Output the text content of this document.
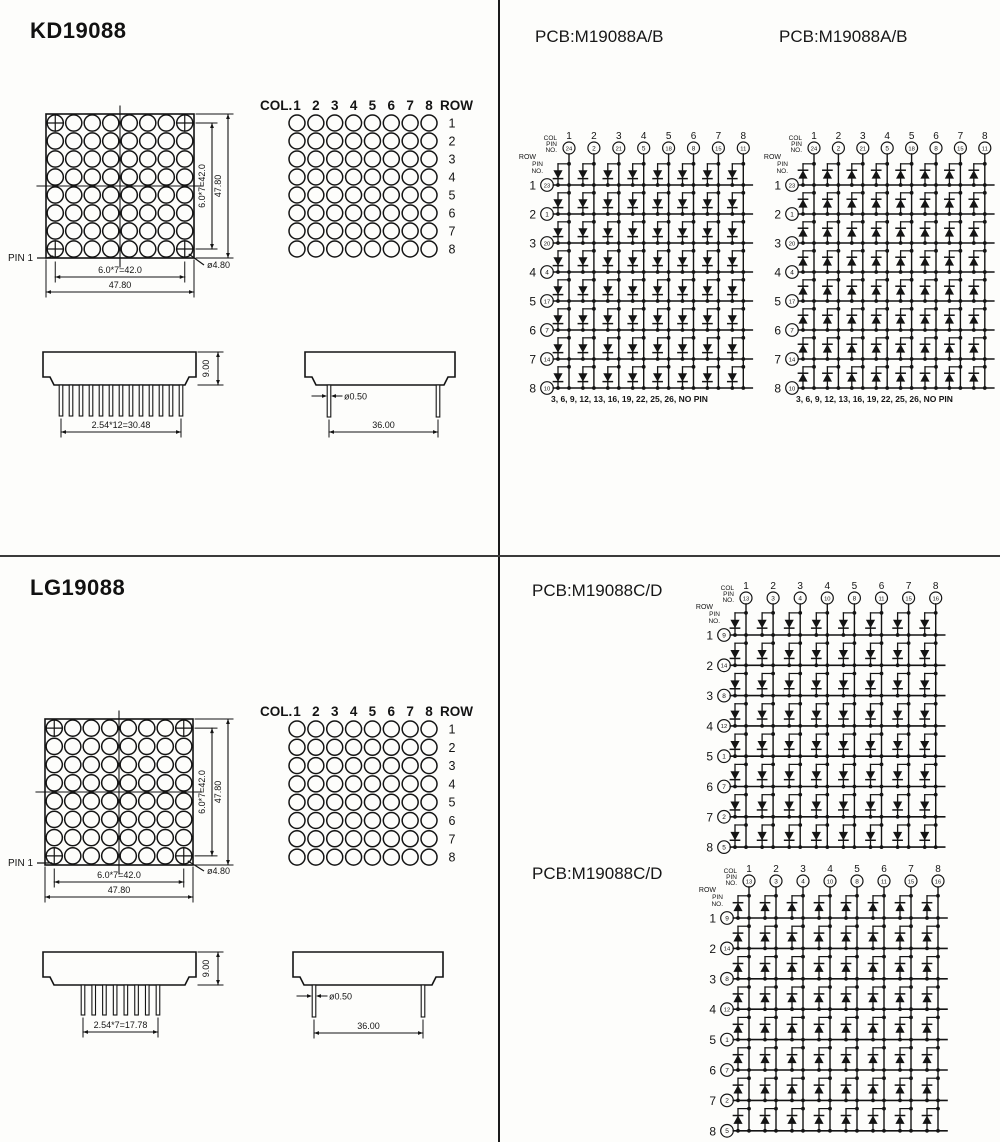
KD19088
LG19088
PCB:M19088A/B	PCB:M19088A/B
PCB:M19088C/D
PCB:M19088C/D
6.0*7=42.0 47.80
6.0*7=42.0
47.80
PIN 1
ø4.80
COL. 1 2 3 4 5 6 7 8 ROW
1
2
3
4
5
6
7
8
2.54*12=30.48
9.00
ø0.50
36.00
COL
PIN
NO.
ROW
PIN
NO.
1
24
2
2
3
21
4
5
5
18
6
8
7
15
8
11
1 23
2 1
3 20
4 4
5 17
6 7
7 14
8 10
3, 6, 9, 12, 13, 16, 19, 22, 25, 26, NO PIN
COL
PIN
NO.
ROW
PIN
NO.
1
24
2
2
3
21
4
5
5
18
6
8
7
15
8
11
1 23
2 1
3 20
4 4
5 17
6 7
7 14
8 10
3, 6, 9, 12, 13, 16, 19, 22, 25, 26, NO PIN
6.0*7=42.0 47.80
6.0*7=42.0
47.80
PIN 1
ø4.80
COL. 1 2 3 4 5 6 7 8 ROW
1
2
3
4
5
6
7
8
2.54*7=17.78
9.00
ø0.50
36.00
COL
PIN
NO.
ROW
PIN
NO.
1
13
2
3
3
4
4
10
5
8
6
11
7
15
8
16
1 9
2 14
3 8
4 12
5 1
6 7
7 2
8 5
COL
PIN
NO.
ROW
PIN
NO.
1
13
2
3
3
4
4
10
5
8
6
11
7
15
8
16
1 9
2 14
3 8
4 12
5 1
6 7
7 2
8 5
